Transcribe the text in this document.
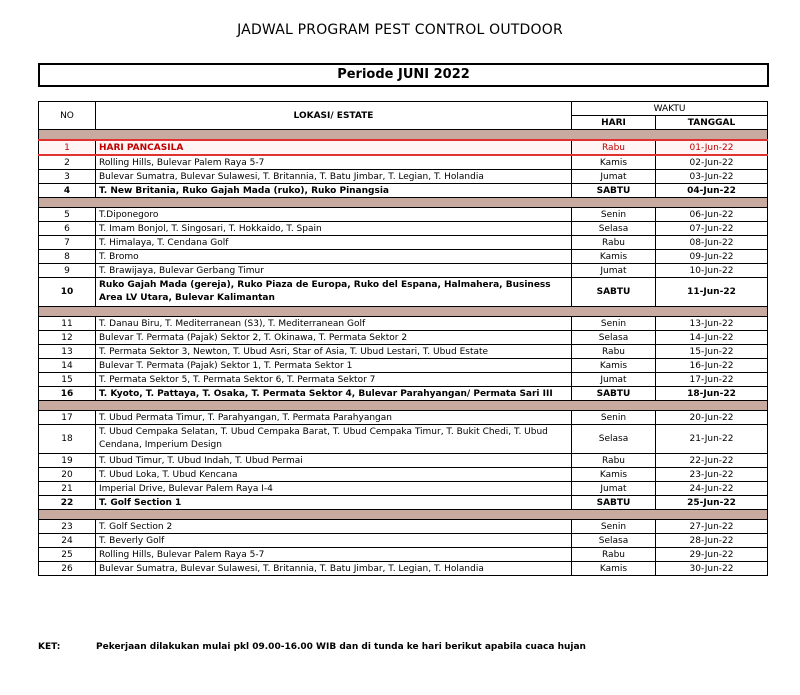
JADWAL PROGRAM PEST CONTROL OUTDOOR
Periode JUNI 2022
NO	LOKASI/ ESTATE	WAKTU	
		HARI	TANGGAL

1	HARI PANCASILA	Rabu	01-Jun-22
2	Rolling Hills, Bulevar Palem Raya 5-7	Kamis	02-Jun-22
3	Bulevar Sumatra, Bulevar Sulawesi, T. Britannia, T. Batu Jimbar, T. Legian, T. Holandia	Jumat	03-Jun-22
4	T. New Britania, Ruko Gajah Mada (ruko), Ruko Pinangsia	SABTU	04-Jun-22

5	T.Diponegoro	Senin	06-Jun-22
6	T. Imam Bonjol, T. Singosari, T. Hokkaido, T. Spain	Selasa	07-Jun-22
7	T. Himalaya, T. Cendana Golf	Rabu	08-Jun-22
8	T. Bromo	Kamis	09-Jun-22
9	T. Brawijaya, Bulevar Gerbang Timur	Jumat	10-Jun-22
10	Ruko Gajah Mada (gereja), Ruko Piaza de Europa, Ruko del Espana, Halmahera, Business Area LV Utara, Bulevar Kalimantan	SABTU	11-Jun-22

11	T. Danau Biru, T. Mediterranean (S3), T. Mediterranean Golf	Senin	13-Jun-22
12	Bulevar T. Permata (Pajak) Sektor 2, T. Okinawa, T. Permata Sektor 2	Selasa	14-Jun-22
13	T. Permata Sektor 3, Newton, T. Ubud Asri, Star of Asia, T. Ubud Lestari, T. Ubud Estate	Rabu	15-Jun-22
14	Bulevar T. Permata (Pajak) Sektor 1, T. Permata Sektor 1	Kamis	16-Jun-22
15	T. Permata Sektor 5, T. Permata Sektor 6, T. Permata Sektor 7	Jumat	17-Jun-22
16	T. Kyoto, T. Pattaya, T. Osaka, T. Permata Sektor 4, Bulevar Parahyangan/ Permata Sari III	SABTU	18-Jun-22

17	T. Ubud Permata Timur, T. Parahyangan, T. Permata Parahyangan	Senin	20-Jun-22
18	T. Ubud Cempaka Selatan, T. Ubud Cempaka Barat, T. Ubud Cempaka Timur, T. Bukit Chedi, T. Ubud Cendana, Imperium Design	Selasa	21-Jun-22
19	T. Ubud Timur, T. Ubud Indah, T. Ubud Permai	Rabu	22-Jun-22
20	T. Ubud Loka, T. Ubud Kencana	Kamis	23-Jun-22
21	Imperial Drive, Bulevar Palem Raya I-4	Jumat	24-Jun-22
22	T. Golf Section 1	SABTU	25-Jun-22

23	T. Golf Section 2	Senin	27-Jun-22
24	T. Beverly Golf	Selasa	28-Jun-22
25	Rolling Hills, Bulevar Palem Raya 5-7	Rabu	29-Jun-22
26	Bulevar Sumatra, Bulevar Sulawesi, T. Britannia, T. Batu Jimbar, T. Legian, T. Holandia	Kamis	30-Jun-22
KET:	Pekerjaan dilakukan mulai pkl 09.00-16.00 WIB dan di tunda ke hari berikut apabila cuaca hujan
